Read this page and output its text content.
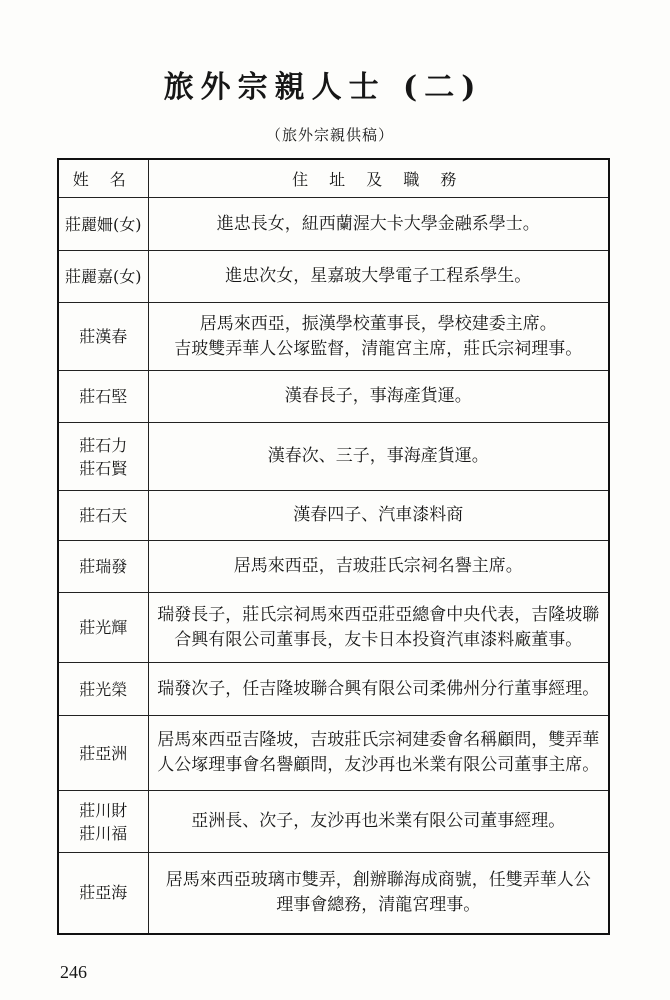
旅外宗親人士 (二)
（旅外宗親供稿）
姓 名	住 址 及 職 務

莊麗姍(女)	進忠長女，紐西蘭渥大卡大學金融系學士。

莊麗嘉(女)	進忠次女，星嘉玻大學電子工程系學生。

莊漢春	居馬來西亞，振漢學校董事長，學校建委主席。
吉玻雙弄華人公塚監督，清龍宮主席，莊氏宗祠理事。

莊石堅	漢春長子，事海產貨運。

莊石力
莊石賢	漢春次、三子，事海產貨運。

莊石天	漢春四子、汽車漆料商

莊瑞發	居馬來西亞，吉玻莊氏宗祠名譽主席。

莊光輝	瑞發長子，莊氏宗祠馬來西亞莊亞總會中央代表，吉隆坡聯
合興有限公司董事長，友卡日本投資汽車漆料廠董事。

莊光榮	瑞發次子，任吉隆坡聯合興有限公司柔佛州分行董事經理。

莊亞洲	居馬來西亞吉隆坡，吉玻莊氏宗祠建委會名稱顧問，雙弄華
人公塚理事會名譽顧問，友沙再也米業有限公司董事主席。

莊川財
莊川福	亞洲長、次子，友沙再也米業有限公司董事經理。

莊亞海	居馬來西亞玻璃市雙弄，創辦聯海成商號，任雙弄華人公
理事會總務，清龍宮理事。
246
